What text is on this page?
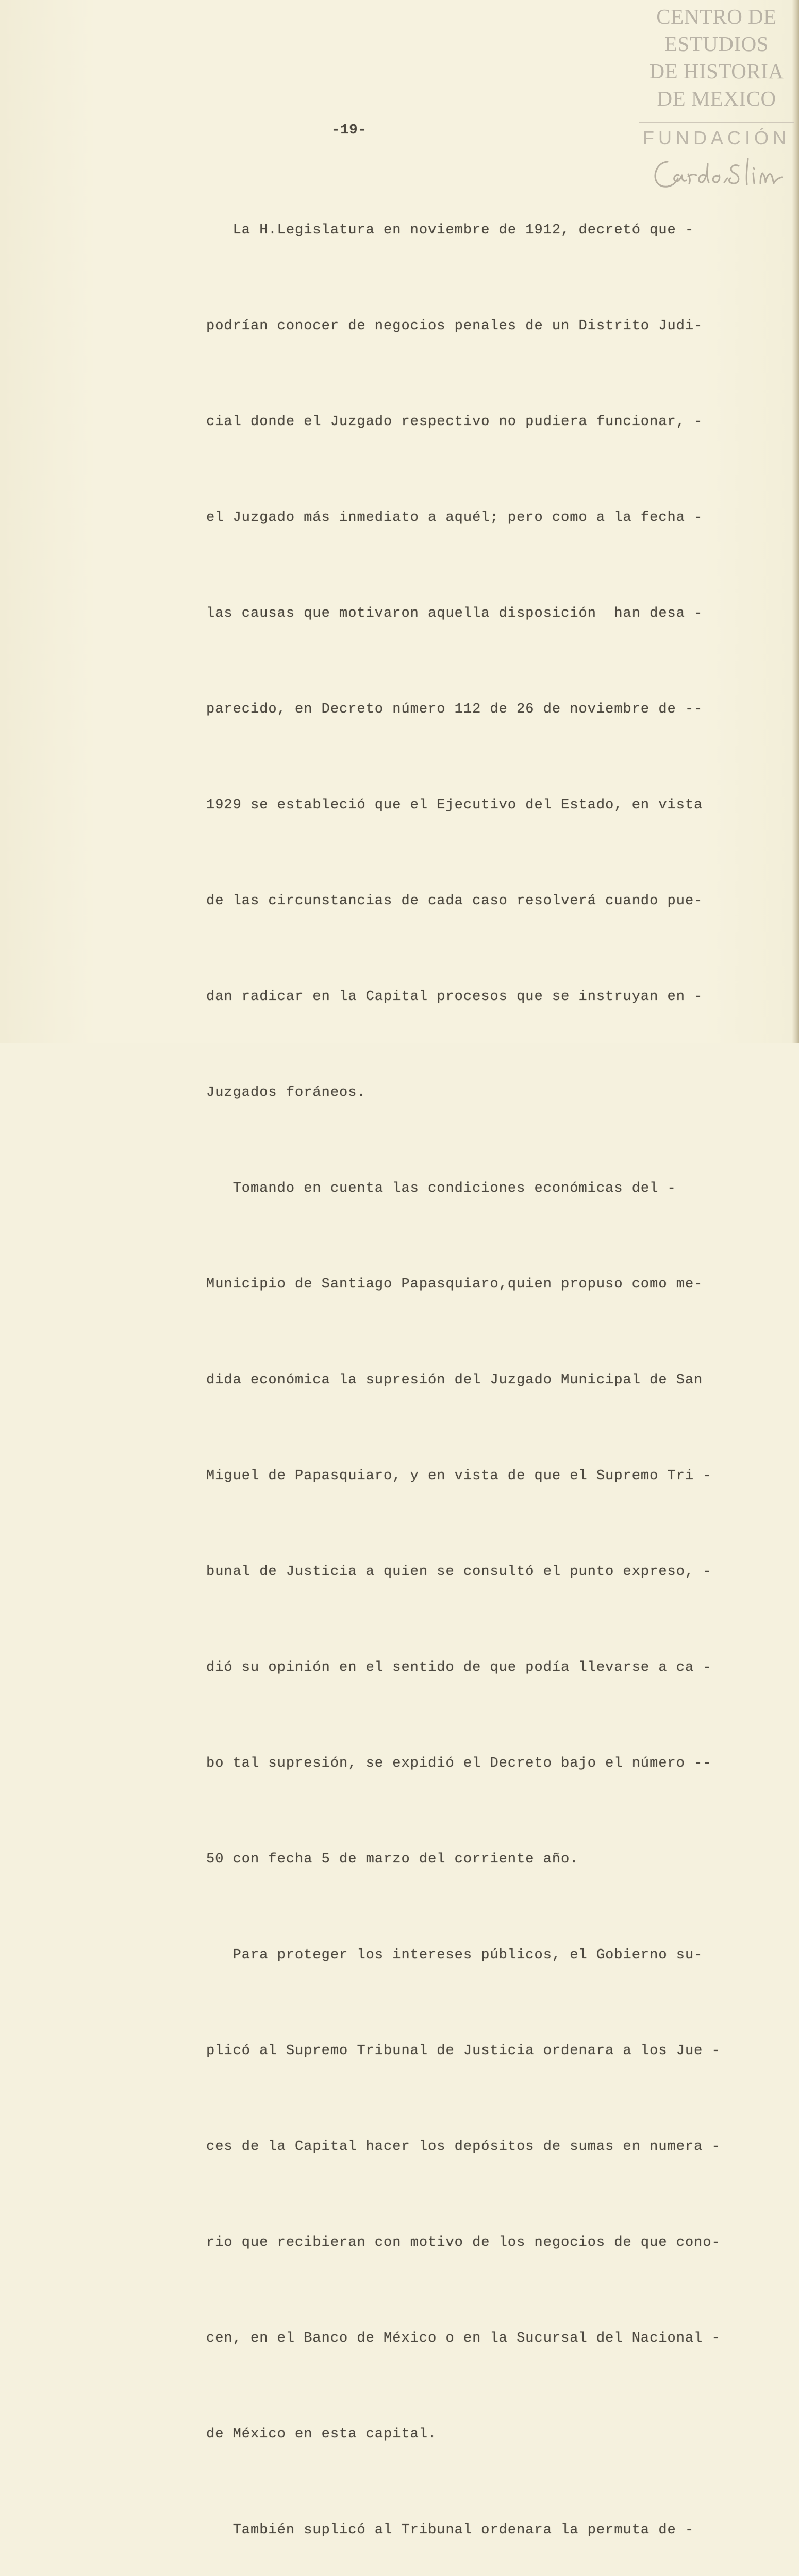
CENTRO DE
ESTUDIOS
DE HISTORIA
DE MEXICO
FUNDACIÓN
-19-

La H.Legislatura en noviembre de 1912, decretó que -

podrían conocer de negocios penales de un Distrito Judi-

cial donde el Juzgado respectivo no pudiera funcionar, -

el Juzgado más inmediato a aquél; pero como a la fecha -

las causas que motivaron aquella disposición  han desa -

parecido, en Decreto número 112 de 26 de noviembre de --

1929 se estableció que el Ejecutivo del Estado, en vista

de las circunstancias de cada caso resolverá cuando pue-

dan radicar en la Capital procesos que se instruyan en -

Juzgados foráneos.

Tomando en cuenta las condiciones económicas del -

Municipio de Santiago Papasquiaro,quien propuso como me-

dida económica la supresión del Juzgado Municipal de San

Miguel de Papasquiaro, y en vista de que el Supremo Tri -

bunal de Justicia a quien se consultó el punto expreso, -

dió su opinión en el sentido de que podía llevarse a ca -

bo tal supresión, se expidió el Decreto bajo el número --

50 con fecha 5 de marzo del corriente año.

Para proteger los intereses públicos, el Gobierno su-

plicó al Supremo Tribunal de Justicia ordenara a los Jue -

ces de la Capital hacer los depósitos de sumas en numera -

rio que recibieran con motivo de los negocios de que cono-

cen, en el Banco de México o en la Sucursal del Nacional -

de México en esta capital.

También suplicó al Tribunal ordenara la permuta de -
